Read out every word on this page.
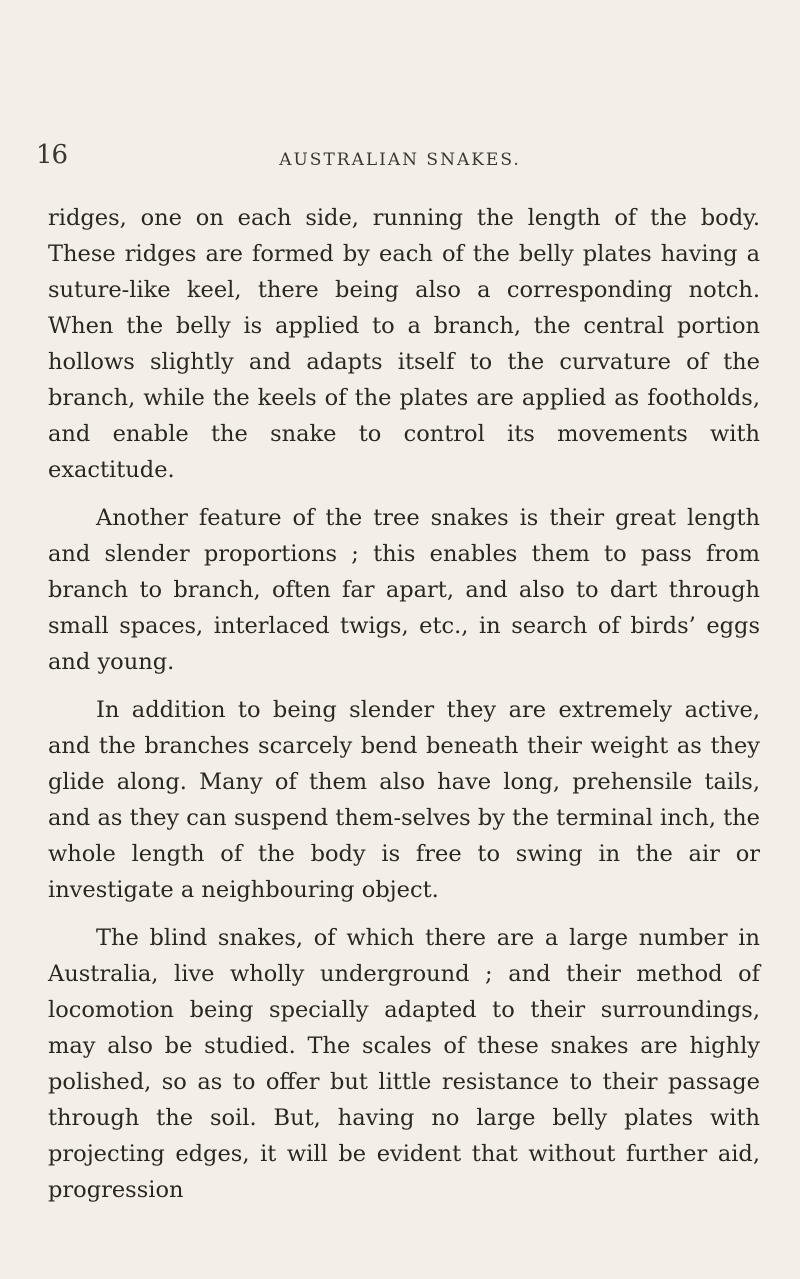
16	AUSTRALIAN SNAKES.

ridges, one on each side, running the length of the body. These ridges are formed by each of the belly plates having a suture-like keel, there being also a corresponding notch. When the belly is applied to a branch, the central portion hollows slightly and adapts itself to the curvature of the branch, while the keels of the plates are applied as footholds, and enable the snake to control its movements with exactitude.

Another feature of the tree snakes is their great length and slender proportions ; this enables them to pass from branch to branch, often far apart, and also to dart through small spaces, interlaced twigs, etc., in search of birds’ eggs and young.

In addition to being slender they are extremely active, and the branches scarcely bend beneath their weight as they glide along. Many of them also have long, prehensile tails, and as they can suspend them-selves by the terminal inch, the whole length of the body is free to swing in the air or investigate a neighbouring object.

The blind snakes, of which there are a large number in Australia, live wholly underground ; and their method of locomotion being specially adapted to their surroundings, may also be studied. The scales of these snakes are highly polished, so as to offer but little resistance to their passage through the soil. But, having no large belly plates with projecting edges, it will be evident that without further aid, progression
